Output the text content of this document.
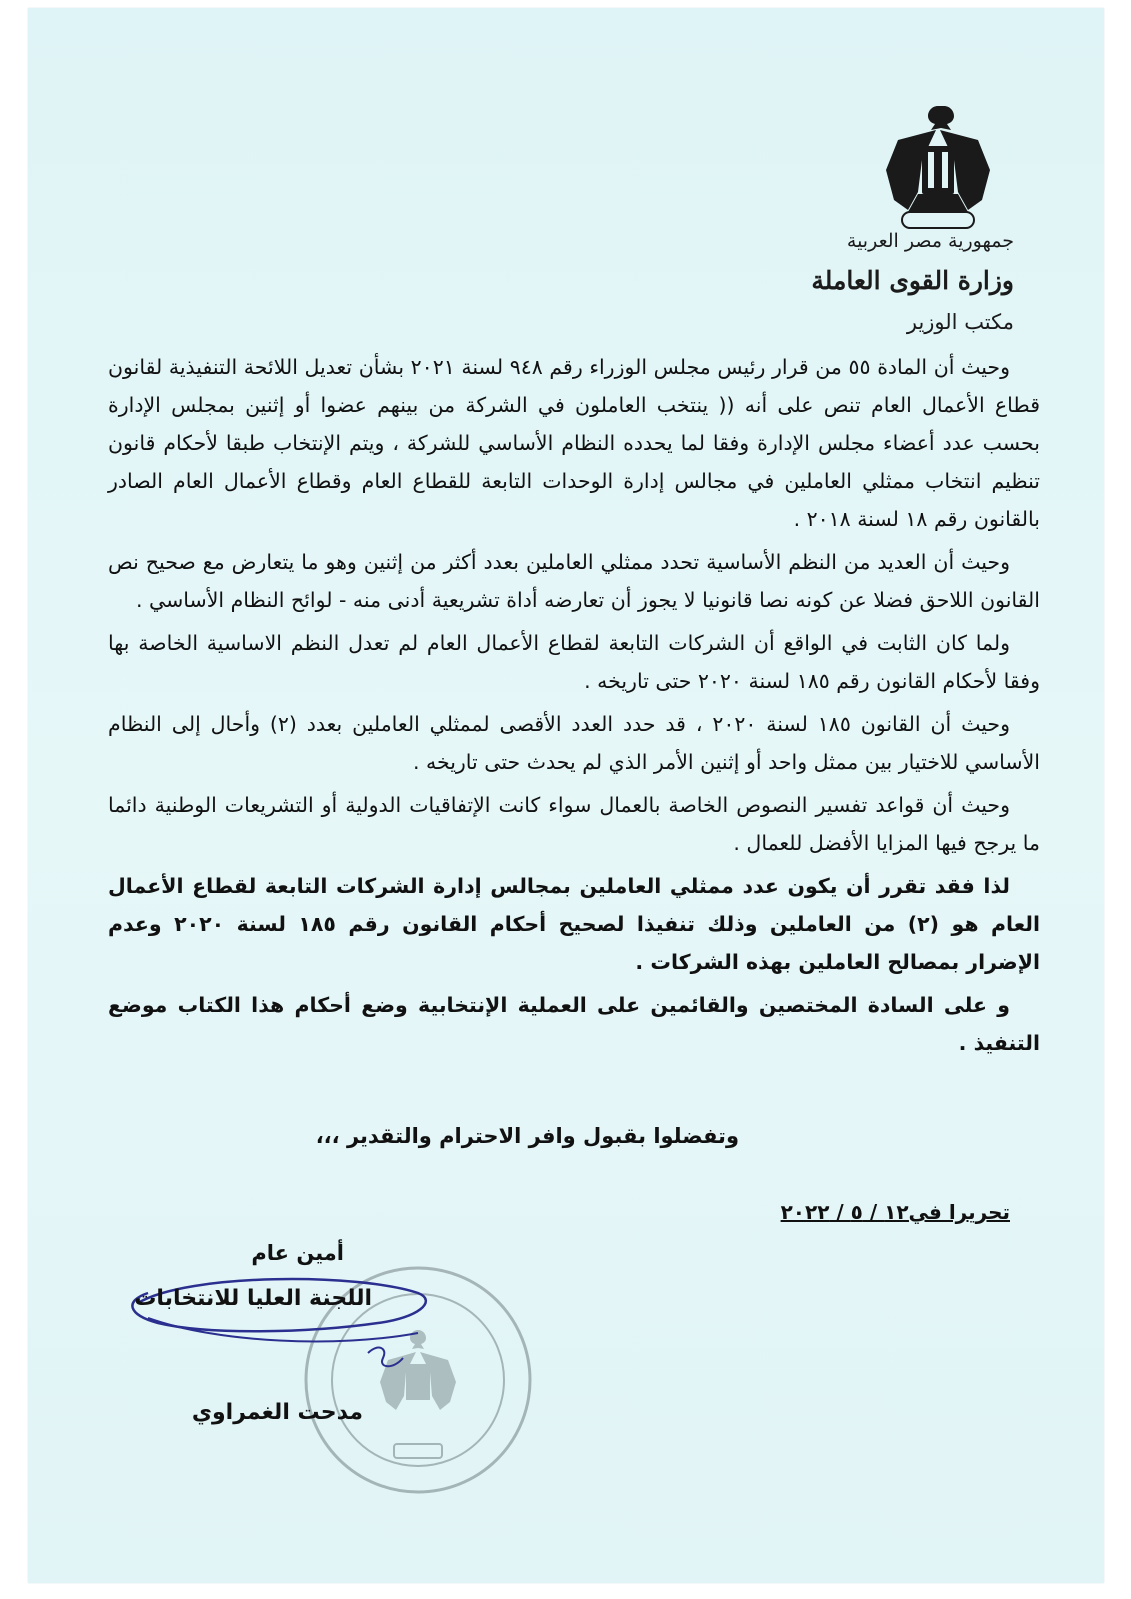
جمهورية مصر العربية
وزارة القوى العاملة
مكتب الوزير

وحيث أن المادة ٥٥ من قرار رئيس مجلس الوزراء رقم ٩٤٨ لسنة ٢٠٢١ بشأن تعديل اللائحة التنفيذية لقانون قطاع الأعمال العام تنص على أنه (( ينتخب العاملون في الشركة من بينهم عضوا أو إثنين بمجلس الإدارة بحسب عدد أعضاء مجلس الإدارة وفقا لما يحدده النظام الأساسي للشركة ، ويتم الإنتخاب طبقا لأحكام قانون تنظيم انتخاب ممثلي العاملين في مجالس إدارة الوحدات التابعة للقطاع العام وقطاع الأعمال العام الصادر بالقانون رقم ١٨ لسنة ٢٠١٨ .

وحيث أن العديد من النظم الأساسية تحدد ممثلي العاملين بعدد أكثر من إثنين وهو ما يتعارض مع صحيح نص القانون اللاحق فضلا عن كونه نصا قانونيا لا يجوز أن تعارضه أداة تشريعية أدنى منه - لوائح النظام الأساسي .

ولما كان الثابت في الواقع أن الشركات التابعة لقطاع الأعمال العام لم تعدل النظم الاساسية الخاصة بها وفقا لأحكام القانون رقم ١٨٥ لسنة ٢٠٢٠ حتى تاريخه .

وحيث أن القانون ١٨٥ لسنة ٢٠٢٠ ، قد حدد العدد الأقصى لممثلي العاملين بعدد (٢) وأحال إلى النظام الأساسي للاختيار بين ممثل واحد أو إثنين الأمر الذي لم يحدث حتى تاريخه .

وحيث أن قواعد تفسير النصوص الخاصة بالعمال سواء كانت الإتفاقيات الدولية أو التشريعات الوطنية دائما ما يرجح فيها المزايا الأفضل للعمال .

لذا فقد تقرر أن يكون عدد ممثلي العاملين بمجالس إدارة الشركات التابعة لقطاع الأعمال العام هو (٢) من العاملين وذلك تنفيذا لصحيح أحكام القانون رقم ١٨٥ لسنة ٢٠٢٠ وعدم الإضرار بمصالح العاملين بهذه الشركات .

و على السادة المختصين والقائمين على العملية الإنتخابية وضع أحكام هذا الكتاب موضع التنفيذ .

وتفضلوا بقبول وافر الاحترام والتقدير ،،،
تحريرا في١٢ / ٥ / ٢٠٢٢
أمين عام
اللجنة العليا للانتخابات
مدحت الغمراوي
